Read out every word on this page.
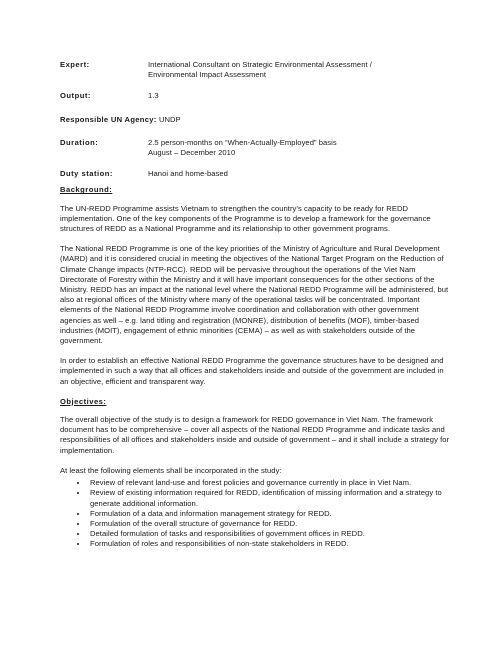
Expert:	International Consultant on Strategic Environmental Assessment /
Environmental Impact Assessment
Output:	1.3
Responsible UN Agency: UNDP
Duration:	2.5 person-months on “When-Actually-Employed” basis
August – December 2010
Duty station:	Hanoi and home-based
Background:

The UN-REDD Programme assists Vietnam to strengthen the country’s capacity to be ready for REDD implementation. One of the key components of the Programme is to develop a framework for the governance structures of REDD as a National Programme and its relationship to other government programs.

The National REDD Programme is one of the key priorities of the Ministry of Agriculture and Rural Development (MARD) and it is considered crucial in meeting the objectives of the National Target Program on the Reduction of Climate Change impacts (NTP-RCC). REDD will be pervasive throughout the operations of the Viet Nam Directorate of Forestry within the Ministry and it will have important consequences for the other sections of the Ministry. REDD has an impact at the national level where the National REDD Programme will be administered, but also at regional offices of the Ministry where many of the operational tasks will be concentrated. Important elements of the National REDD Programme involve coordination and collaboration with other government agencies as well – e.g. land titling and registration (MONRE), distribution of benefits (MOF), timber-based industries (MOIT), engagement of ethnic minorities (CEMA) – as well as with stakeholders outside of the government.

In order to establish an effective National REDD Programme the governance structures have to be designed and implemented in such a way that all offices and stakeholders inside and outside of the government are included in an objective, efficient and transparent way.

Objectives:

The overall objective of the study is to design a framework for REDD governance in Viet Nam. The framework document has to be comprehensive – cover all aspects of the National REDD Programme and indicate tasks and responsibilities of all offices and stakeholders inside and outside of government – and it shall include a strategy for implementation.

At least the following elements shall be incorporated in the study:

• Review of relevant land-use and forest policies and governance currently in place in Viet Nam.
• Review of existing information required for REDD, identification of missing information and a strategy to generate additional information.
• Formulation of a data and information management strategy for REDD.
• Formulation of the overall structure of governance for REDD.
• Detailed formulation of tasks and responsibilities of government offices in REDD.
• Formulation of roles and responsibilities of non-state stakeholders in REDD.
